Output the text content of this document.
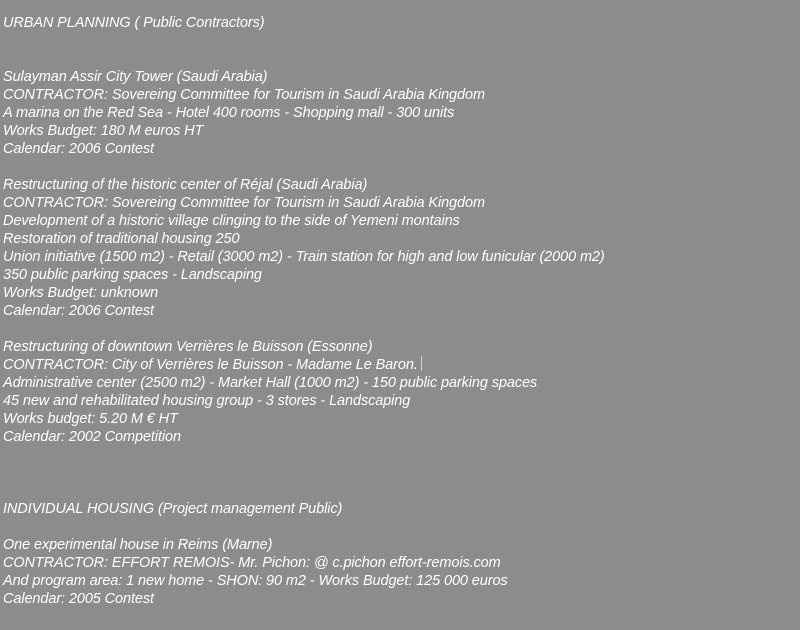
URBAN PLANNING ( Public Contractors)
Sulayman Assir City Tower (Saudi Arabia)
CONTRACTOR: Sovereing Committee for Tourism in Saudi Arabia Kingdom
A marina on the Red Sea - Hotel 400 rooms - Shopping mall - 300 units
Works Budget: 180 M euros HT
Calendar: 2006 Contest
Restructuring of the historic center of Réjal (Saudi Arabia)
CONTRACTOR: Sovereing Committee for Tourism in Saudi Arabia Kingdom
Development of a historic village clinging to the side of Yemeni montains
Restoration of traditional housing 250
Union initiative (1500 m2) - Retail (3000 m2) - Train station for high and low funicular (2000 m2)
350 public parking spaces - Landscaping
Works Budget: unknown
Calendar: 2006 Contest
Restructuring of downtown Verrières le Buisson (Essonne)
CONTRACTOR: City of Verrières le Buisson - Madame Le Baron.
Administrative center (2500 m2) - Market Hall (1000 m2) - 150 public parking spaces
45 new and rehabilitated housing group - 3 stores - Landscaping
Works budget: 5.20 M € HT
Calendar: 2002 Competition
INDIVIDUAL HOUSING (Project management Public)
One experimental house in Reims (Marne)
CONTRACTOR: EFFORT REMOIS- Mr. Pichon: @ c.pichon effort-remois.com
And program area: 1 new home - SHON: 90 m2 - Works Budget: 125 000 euros
Calendar: 2005 Contest
